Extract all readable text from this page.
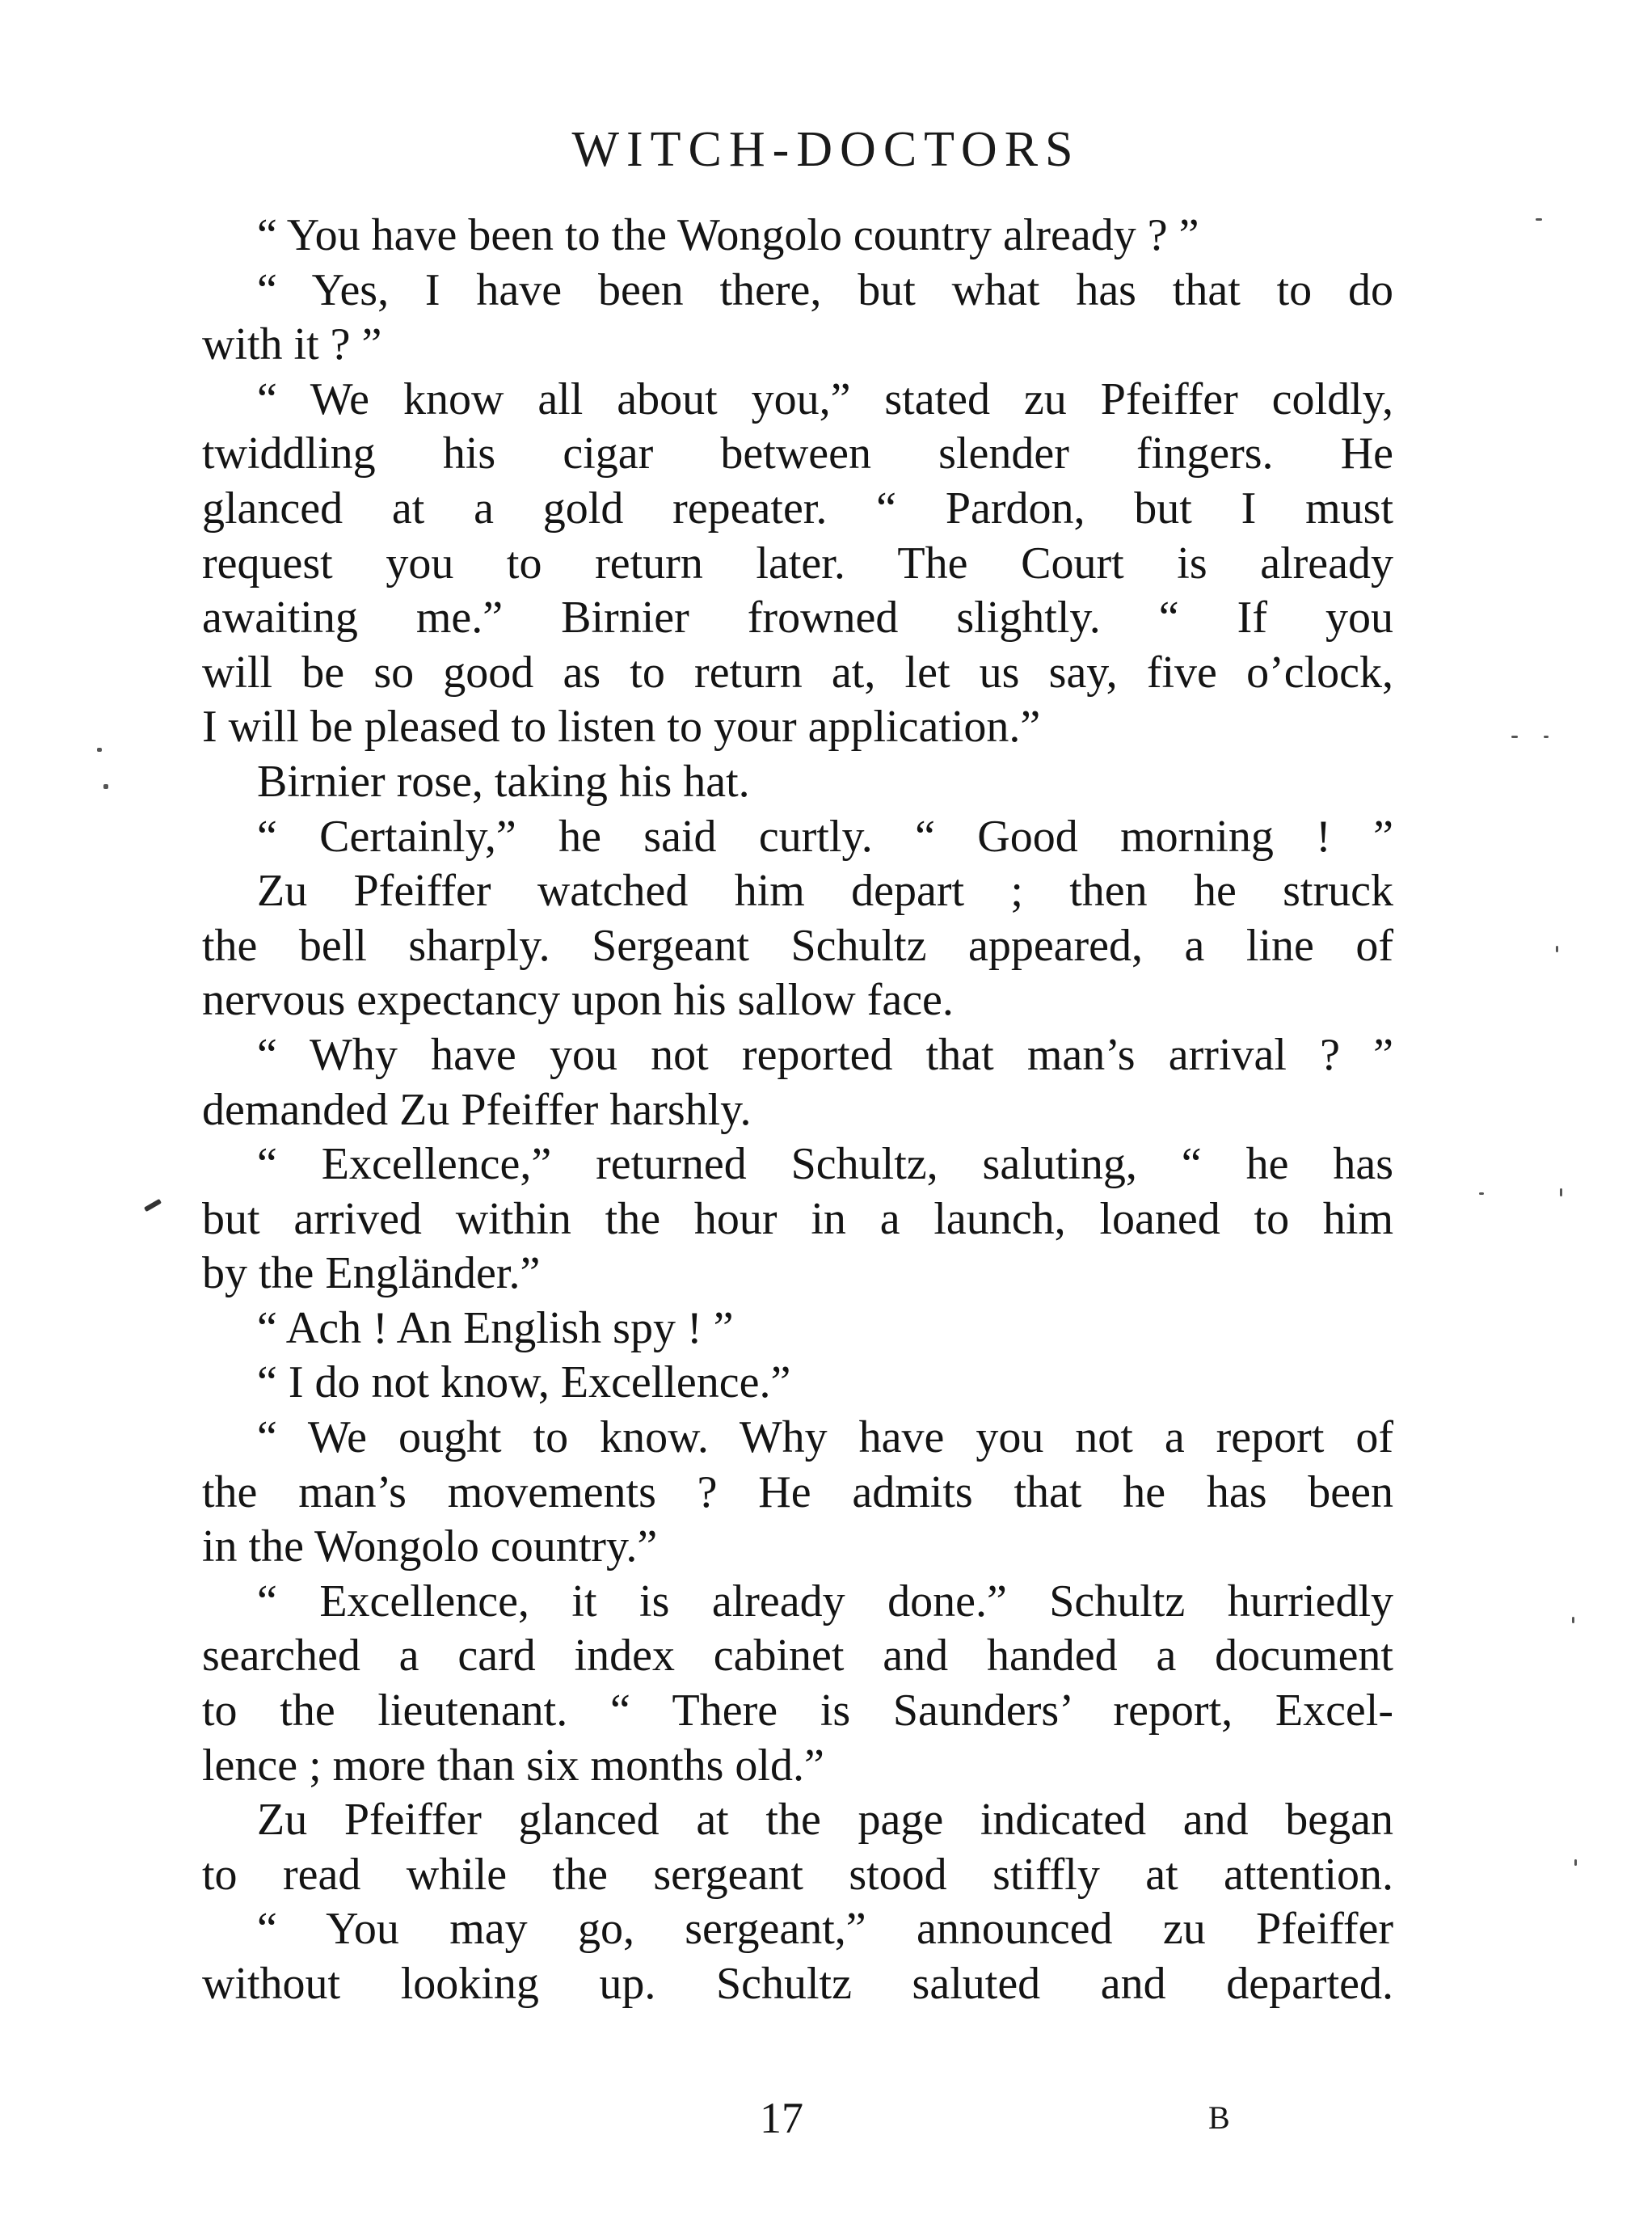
WITCH-DOCTORS
“ You have been to the Wongolo country already ? ”
“ Yes, I have been there, but what has that to do
with it ? ”
“ We know all about you,” stated zu Pfeiffer coldly,
twiddling his cigar between slender fingers. He
glanced at a gold repeater. “ Pardon, but I must
request you to return later. The Court is already
awaiting me.” Birnier frowned slightly. “ If you
will be so good as to return at, let us say, five o’clock,
I will be pleased to listen to your application.”
Birnier rose, taking his hat.
“ Certainly,” he said curtly. “ Good morning ! ”
Zu Pfeiffer watched him depart ; then he struck
the bell sharply. Sergeant Schultz appeared, a line of
nervous expectancy upon his sallow face.
“ Why have you not reported that man’s arrival ? ”
demanded Zu Pfeiffer harshly.
“ Excellence,” returned Schultz, saluting, “ he has
but arrived within the hour in a launch, loaned to him
by the Engländer.”
“ Ach ! An English spy ! ”
“ I do not know, Excellence.”
“ We ought to know. Why have you not a report of
the man’s movements ? He admits that he has been
in the Wongolo country.”
“ Excellence, it is already done.” Schultz hurriedly
searched a card index cabinet and handed a document
to the lieutenant. “ There is Saunders’ report, Excel-
lence ; more than six months old.”
Zu Pfeiffer glanced at the page indicated and began
to read while the sergeant stood stiffly at attention.
“ You may go, sergeant,” announced zu Pfeiffer
without looking up. Schultz saluted and departed.
17	B
